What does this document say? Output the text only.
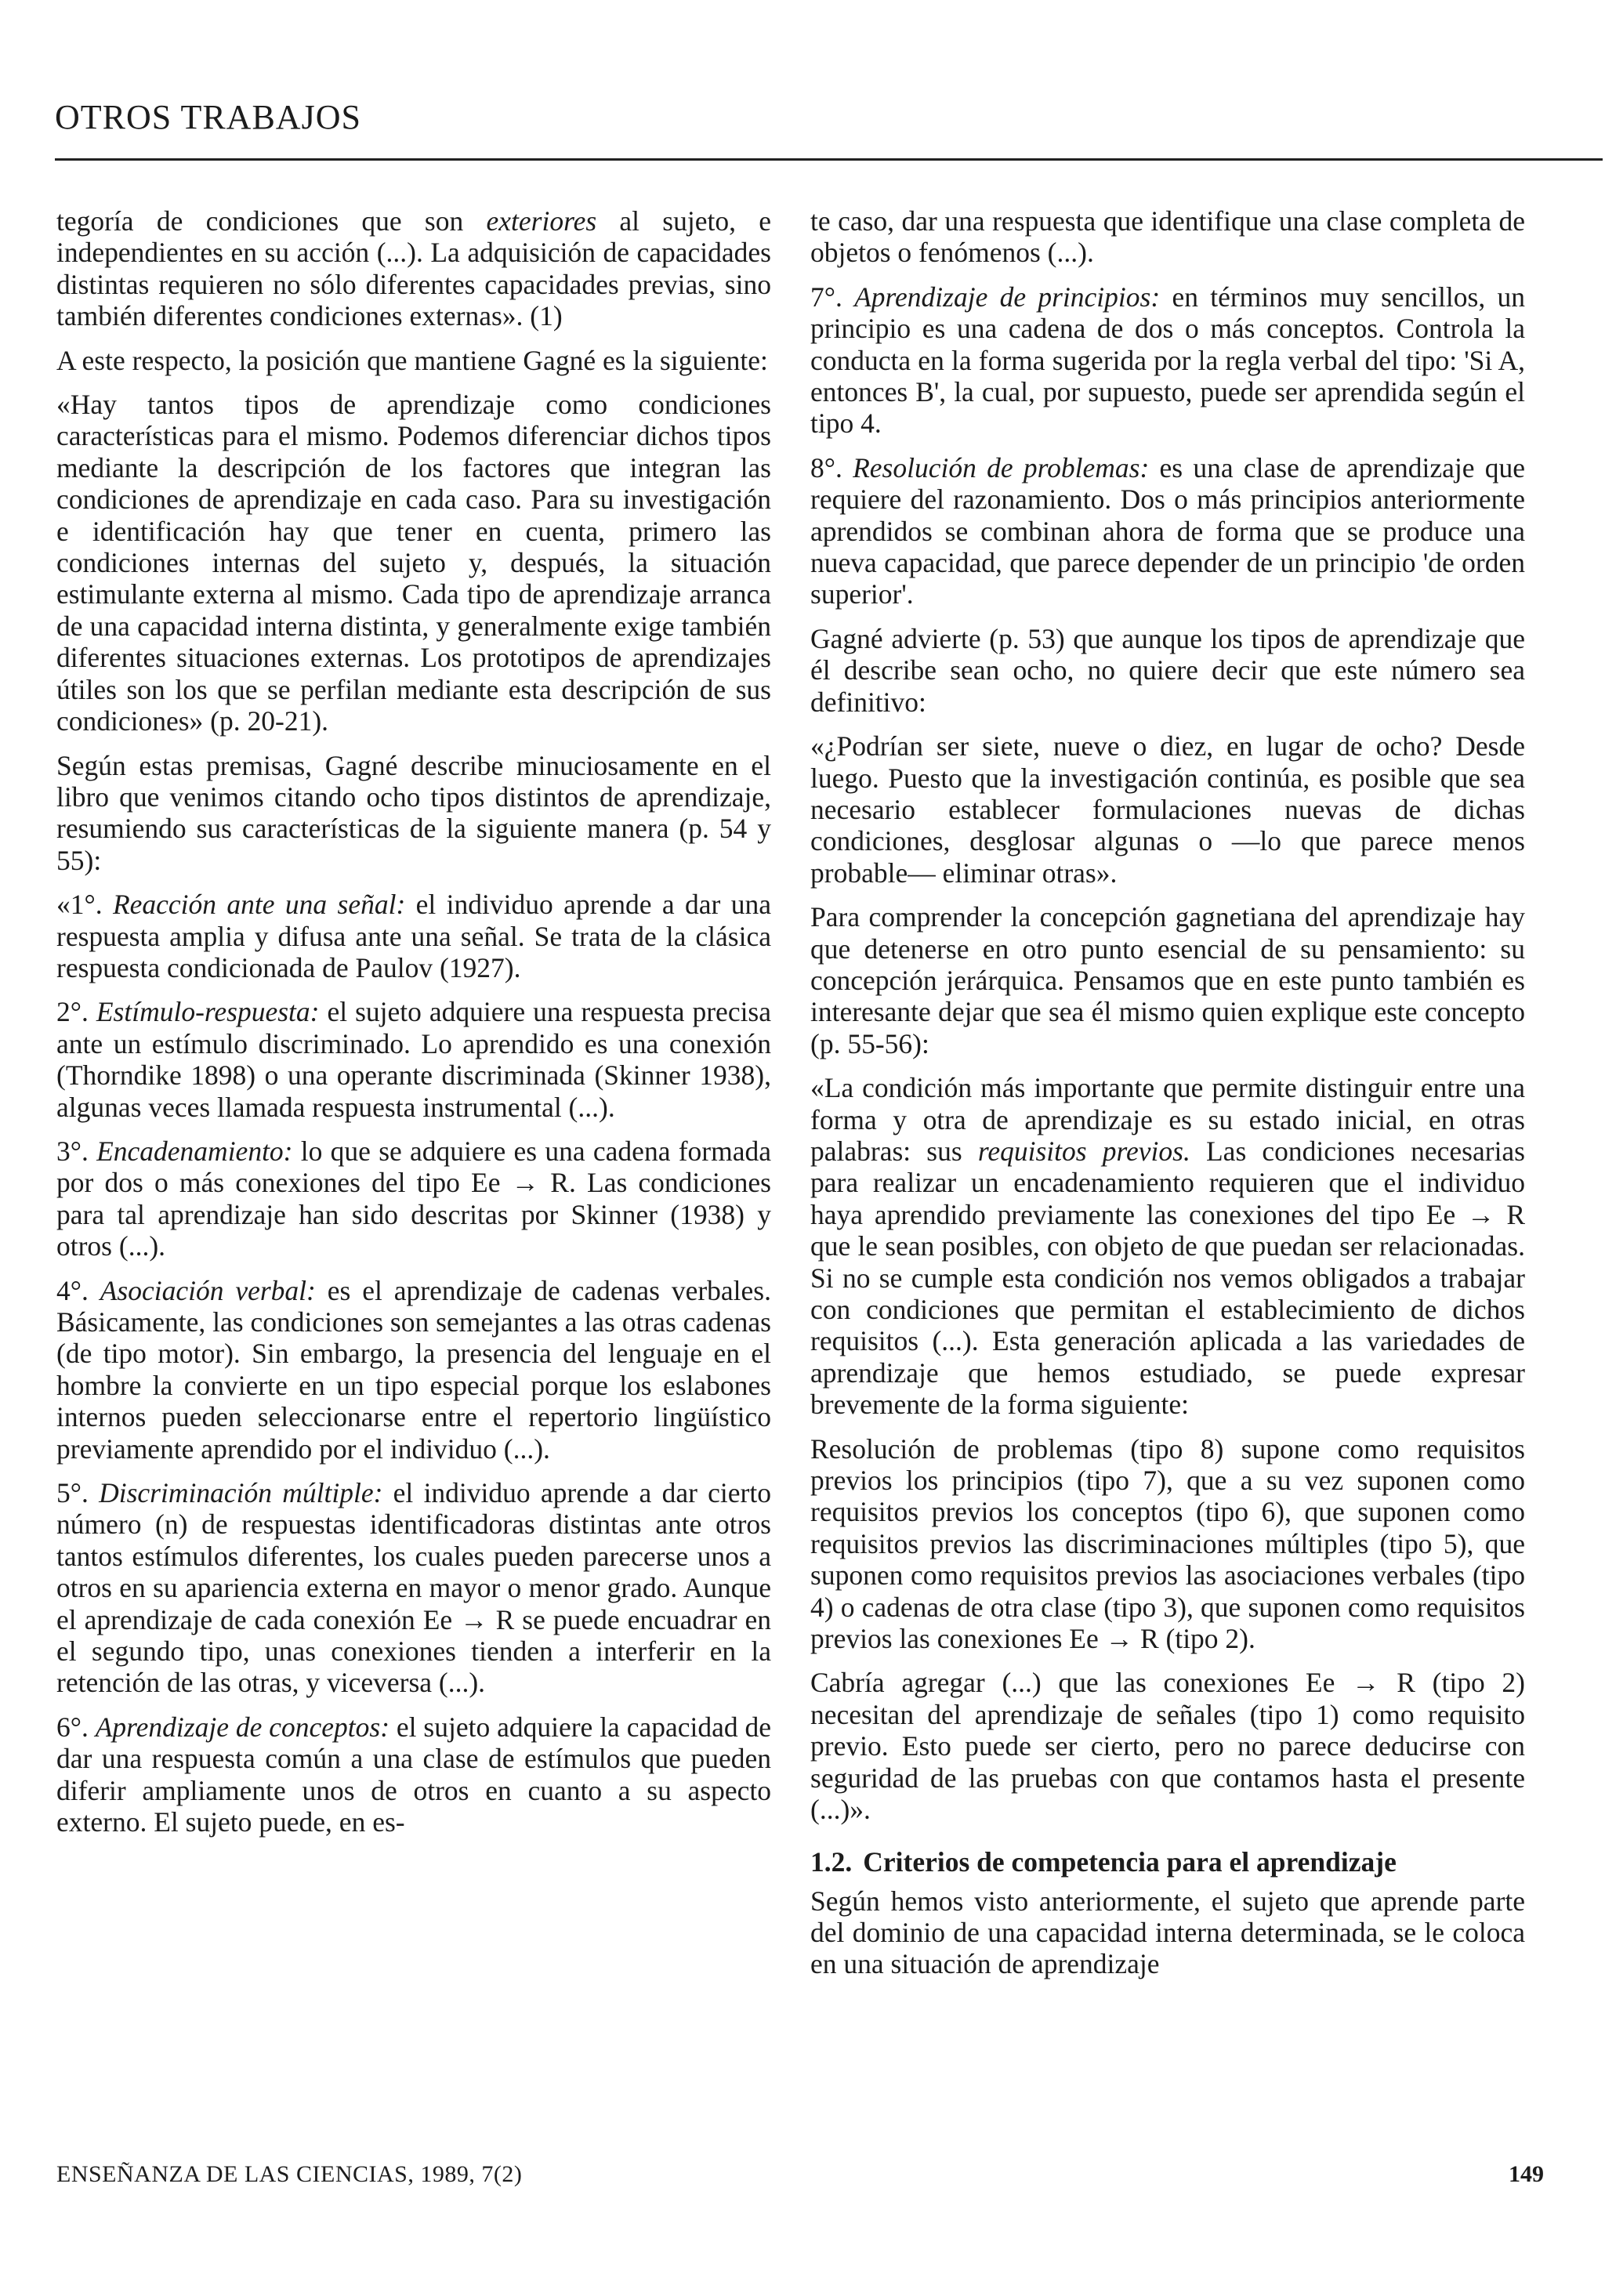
OTROS TRABAJOS

tegoría de condiciones que son exteriores al sujeto, e independientes en su acción (...). La adquisición de capacidades distintas requieren no sólo diferentes capacidades previas, sino también diferentes condiciones externas». (1)

A este respecto, la posición que mantiene Gagné es la siguiente:

«Hay tantos tipos de aprendizaje como condiciones características para el mismo. Podemos diferenciar dichos tipos mediante la descripción de los factores que integran las condiciones de aprendizaje en cada caso. Para su investigación e identificación hay que tener en cuenta, primero las condiciones internas del sujeto y, después, la situación estimulante externa al mismo. Cada tipo de aprendizaje arranca de una capacidad interna distinta, y generalmente exige también diferentes situaciones externas. Los prototipos de aprendizajes útiles son los que se perfilan mediante esta descripción de sus condiciones» (p. 20-21).

Según estas premisas, Gagné describe minuciosamente en el libro que venimos citando ocho tipos distintos de aprendizaje, resumiendo sus características de la siguiente manera (p. 54 y 55):

«1°. Reacción ante una señal: el individuo aprende a dar una respuesta amplia y difusa ante una señal. Se trata de la clásica respuesta condicionada de Paulov (1927).

2°. Estímulo-respuesta: el sujeto adquiere una respuesta precisa ante un estímulo discriminado. Lo aprendido es una conexión (Thorndike 1898) o una operante discriminada (Skinner 1938), algunas veces llamada respuesta instrumental (...).

3°. Encadenamiento: lo que se adquiere es una cadena formada por dos o más conexiones del tipo Ee → R. Las condiciones para tal aprendizaje han sido descritas por Skinner (1938) y otros (...).

4°. Asociación verbal: es el aprendizaje de cadenas verbales. Básicamente, las condiciones son semejantes a las otras cadenas (de tipo motor). Sin embargo, la presencia del lenguaje en el hombre la convierte en un tipo especial porque los eslabones internos pueden seleccionarse entre el repertorio lingüístico previamente aprendido por el individuo (...).

5°. Discriminación múltiple: el individuo aprende a dar cierto número (n) de respuestas identificadoras distintas ante otros tantos estímulos diferentes, los cuales pueden parecerse unos a otros en su apariencia externa en mayor o menor grado. Aunque el aprendizaje de cada conexión Ee → R se puede encuadrar en el segundo tipo, unas conexiones tienden a interferir en la retención de las otras, y viceversa (...).

6°. Aprendizaje de conceptos: el sujeto adquiere la capacidad de dar una respuesta común a una clase de estímulos que pueden diferir ampliamente unos de otros en cuanto a su aspecto externo. El sujeto puede, en es-

te caso, dar una respuesta que identifique una clase completa de objetos o fenómenos (...).

7°. Aprendizaje de principios: en términos muy sencillos, un principio es una cadena de dos o más conceptos. Controla la conducta en la forma sugerida por la regla verbal del tipo: 'Si A, entonces B', la cual, por supuesto, puede ser aprendida según el tipo 4.

8°. Resolución de problemas: es una clase de aprendizaje que requiere del razonamiento. Dos o más principios anteriormente aprendidos se combinan ahora de forma que se produce una nueva capacidad, que parece depender de un principio 'de orden superior'.

Gagné advierte (p. 53) que aunque los tipos de aprendizaje que él describe sean ocho, no quiere decir que este número sea definitivo:

«¿Podrían ser siete, nueve o diez, en lugar de ocho? Desde luego. Puesto que la investigación continúa, es posible que sea necesario establecer formulaciones nuevas de dichas condiciones, desglosar algunas o —lo que parece menos probable— eliminar otras».

Para comprender la concepción gagnetiana del aprendizaje hay que detenerse en otro punto esencial de su pensamiento: su concepción jerárquica. Pensamos que en este punto también es interesante dejar que sea él mismo quien explique este concepto (p. 55-56):

«La condición más importante que permite distinguir entre una forma y otra de aprendizaje es su estado inicial, en otras palabras: sus requisitos previos. Las condiciones necesarias para realizar un encadenamiento requieren que el individuo haya aprendido previamente las conexiones del tipo Ee → R que le sean posibles, con objeto de que puedan ser relacionadas. Si no se cumple esta condición nos vemos obligados a trabajar con condiciones que permitan el establecimiento de dichos requisitos (...). Esta generación aplicada a las variedades de aprendizaje que hemos estudiado, se puede expresar brevemente de la forma siguiente:

Resolución de problemas (tipo 8) supone como requisitos previos los principios (tipo 7), que a su vez suponen como requisitos previos los conceptos (tipo 6), que suponen como requisitos previos las discriminaciones múltiples (tipo 5), que suponen como requisitos previos las asociaciones verbales (tipo 4) o cadenas de otra clase (tipo 3), que suponen como requisitos previos las conexiones Ee → R (tipo 2).

Cabría agregar (...) que las conexiones Ee → R (tipo 2) necesitan del aprendizaje de señales (tipo 1) como requisito previo. Esto puede ser cierto, pero no parece deducirse con seguridad de las pruebas con que contamos hasta el presente (...)».

1.2. Criterios de competencia para el aprendizaje

Según hemos visto anteriormente, el sujeto que aprende parte del dominio de una capacidad interna determinada, se le coloca en una situación de aprendizaje

ENSEÑANZA DE LAS CIENCIAS, 1989, 7(2)	149
